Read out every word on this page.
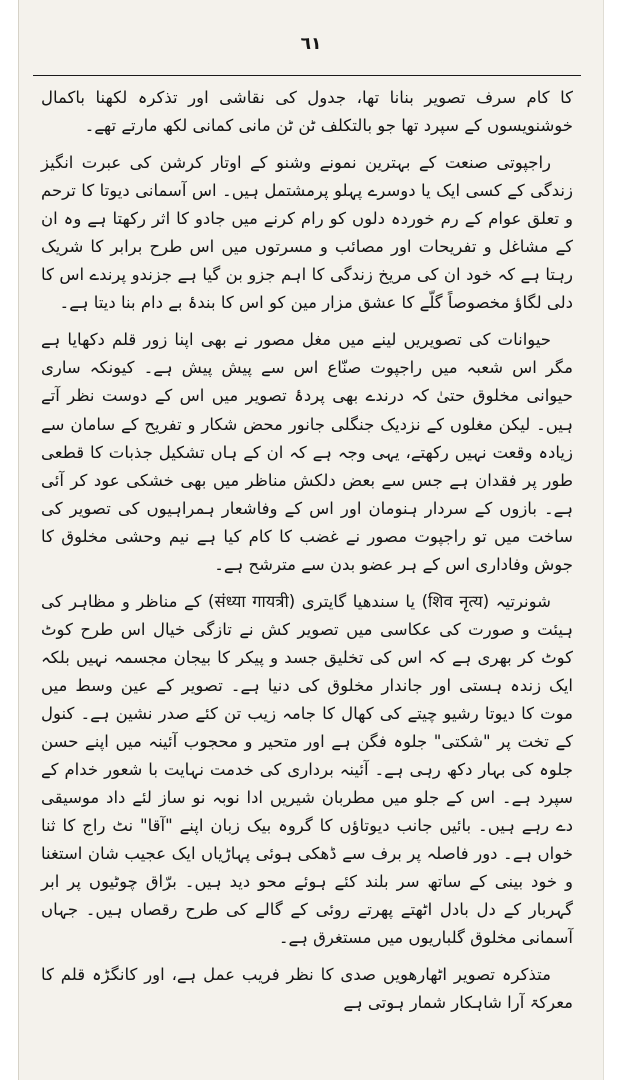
٦١

کا کام سرف تصویر بنانا تھا، جدول کی نقاشی اور تذکرہ لکھنا باکمال خوشنویسوں کے سپرد تھا جو بالتکلف ٹن ٹن مانی کمانی لکھ مارتے تھے۔

راجپوتی صنعت کے بہترین نمونے وشنو کے اوتار کرشن کی عبرت انگیز زندگی کے کسی ایک یا دوسرے پہلو پرمشتمل ہیں۔ اس آسمانی دیوتا کا ترحم و تعلق عوام کے رم خوردہ دلوں کو رام کرنے میں جادو کا اثر رکھتا ہے وہ ان کے مشاغل و تفریحات اور مصائب و مسرتوں میں اس طرح برابر کا شریک رہتا ہے کہ خود ان کی مریخ زندگی کا اہم جزو بن گیا ہے جزندو پرندے اس کا دلی لگاؤ مخصوصاً گلّے کا عشق مزار مین کو اس کا بندۂ بے دام بنا دیتا ہے۔

حیوانات کی تصویریں لینے میں مغل مصور نے بھی اپنا زور قلم دکھایا ہے مگر اس شعبہ میں راجپوت صنّاع اس سے پیش پیش ہے۔ کیونکہ ساری حیوانی مخلوق حتیٰ کہ درندے بھی پردۂ تصویر میں اس کے دوست نظر آتے ہیں۔ لیکن مغلوں کے نزدیک جنگلی جانور محض شکار و تفریح کے سامان سے زیادہ وقعت نہیں رکھتے، یہی وجہ ہے کہ ان کے ہاں تشکیل جذبات کا قطعی طور پر فقدان ہے جس سے بعض دلکش مناظر میں بھی خشکی عود کر آئی ہے۔ بازوں کے سردار ہنومان اور اس کے وفاشعار ہمراہیوں کی تصویر کی ساخت میں تو راجپوت مصور نے غضب کا کام کیا ہے نیم وحشی مخلوق کا جوش وفاداری اس کے ہر عضو بدن سے مترشح ہے۔

شونرتیہ (शिव नृत्य) یا سندھیا گایتری (संध्या गायत्री) کے مناظر و مظاہر کی ہیئت و صورت کی عکاسی میں تصویر کش نے تازگی خیال اس طرح کوٹ کوٹ کر بھری ہے کہ اس کی تخلیق جسد و پیکر کا بیجان مجسمہ نہیں بلکہ ایک زندہ ہستی اور جاندار مخلوق کی دنیا ہے۔ تصویر کے عین وسط میں موت کا دیوتا رشیو چیتے کی کھال کا جامہ زیب تن کئے صدر نشین ہے۔ کنول کے تخت پر "شکتی" جلوہ فگن ہے اور متحیر و محجوب آئینہ میں اپنے حسن جلوہ کی بہار دکھ رہی ہے۔ آئینہ برداری کی خدمت نہایت با شعور خدام کے سپرد ہے۔ اس کے جلو میں مطربان شیریں ادا نوبہ نو ساز لئے داد موسیقی دے رہے ہیں۔ بائیں جانب دیوتاؤں کا گروہ بیک زبان اپنے "آقا" نٹ راج کا ثنا خواں ہے۔ دور فاصلہ پر برف سے ڈھکی ہوئی پہاڑیاں ایک عجیب شان استغنا و خود بینی کے ساتھ سر بلند کئے ہوئے محو دید ہیں۔ برّاق چوٹیوں پر ابر گہربار کے دل بادل اٹھتے پھرتے روئی کے گالے کی طرح رقصاں ہیں۔ جہاں آسمانی مخلوق گلباریوں میں مستغرق ہے۔

متذکرہ تصویر اٹھارھویں صدی کا نظر فریب عمل ہے، اور کانگڑہ قلم کا معرکۃ آرا شاہکار شمار ہوتی ہے
